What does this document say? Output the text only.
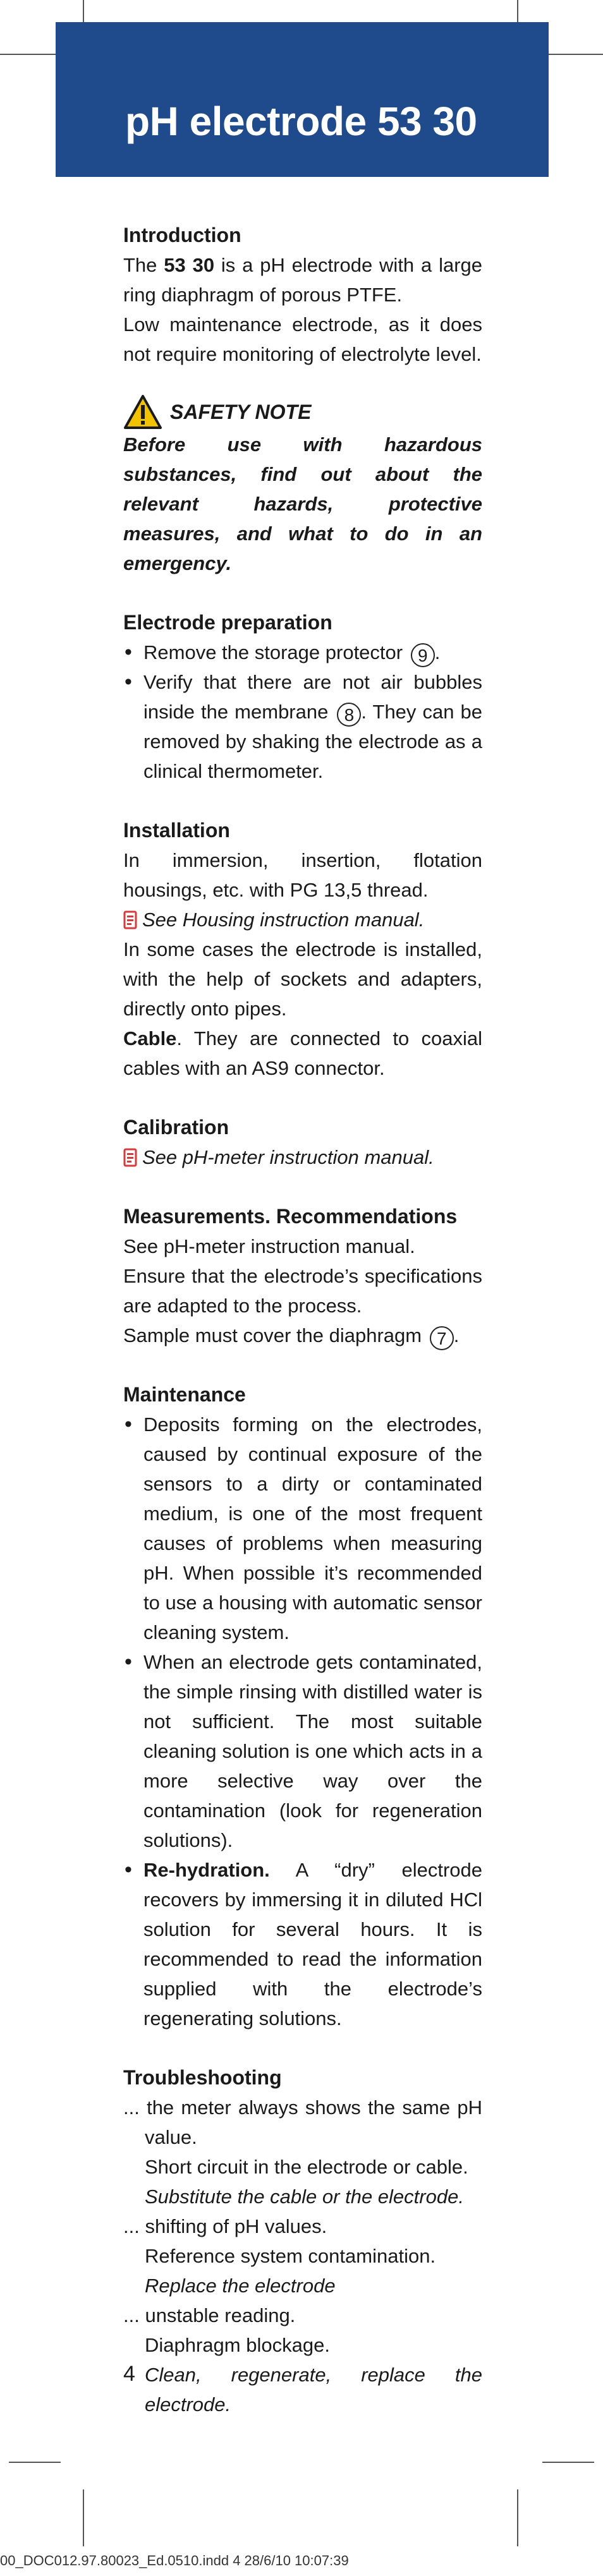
pH electrode 53 30

Introduction

The 53 30 is a pH electrode with a large ring diaphragm of porous PTFE.

Low maintenance electrode, as it does not require monitoring of electrolyte level.

SAFETY NOTE

Before use with hazardous substances, find out about the relevant hazards, protective measures, and what to do in an emergency.

Electrode preparation

• Remove the storage protector 9 .
• Verify that there are not air bubbles inside the membrane 8 . They can be removed by shaking the electrode as a clinical thermometer.

Installation

In immersion, insertion, flotation housings, etc. with PG 13,5 thread.

See Housing instruction manual.

In some cases the electrode is installed, with the help of sockets and adapters, directly onto pipes.

Cable. They are connected to coaxial cables with an AS9 connector.

Calibration

See pH-meter instruction manual.

Measurements. Recommendations

See pH-meter instruction manual.

Ensure that the electrode’s specifications are adapted to the process.

Sample must cover the diaphragm 7 .

Maintenance

• Deposits forming on the electrodes, caused by continual exposure of the sensors to a dirty or contaminated medium, is one of the most frequent causes of problems when measuring pH. When possible it’s recommended to use a housing with automatic sensor cleaning system.
• When an electrode gets contaminated, the simple rinsing with distilled water is not sufficient. The most suitable cleaning solution is one which acts in a more selective way over the contamination (look for regeneration solutions).
• Re-hydration. A “dry” electrode recovers by immersing it in diluted HCl solution for several hours. It is recommended to read the information supplied with the electrode’s regenerating solutions.

Troubleshooting

... the meter always shows the same pH value.

Short circuit in the electrode or cable.

Substitute the cable or the electrode.

... shifting of pH values.

Reference system contamination.

Replace the electrode

... unstable reading.

Diaphragm blockage.

Clean, regenerate, replace the electrode.

4
00_DOC012.97.80023_Ed.0510.indd 4 28/6/10 10:07:39
